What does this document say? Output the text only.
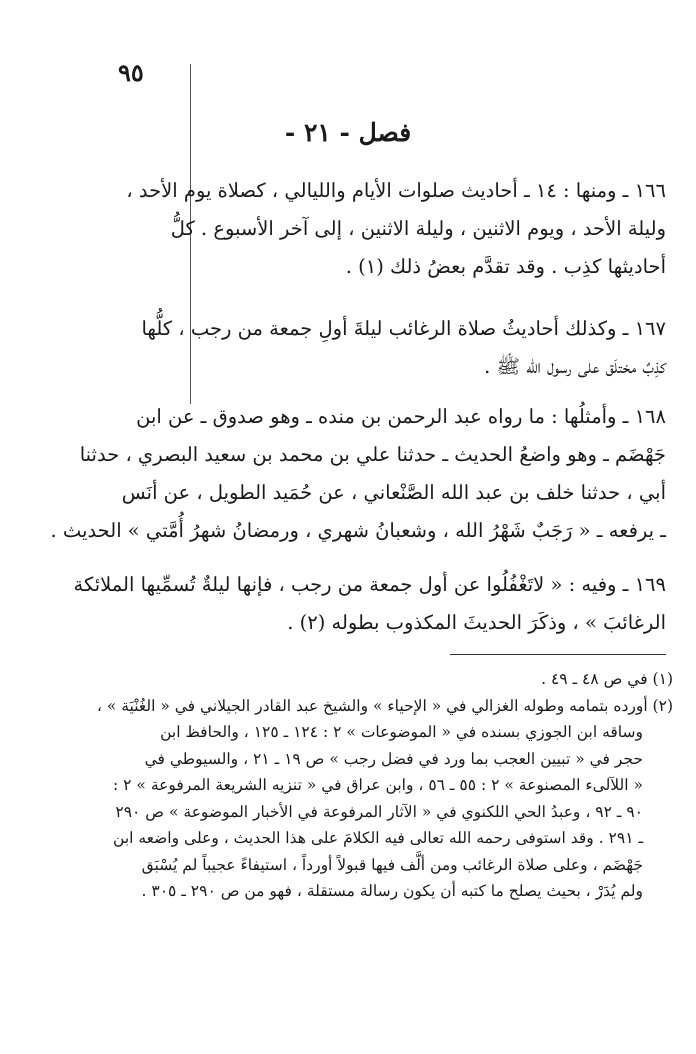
٩٥
فصل - ٢١ -
١٦٦ ـ ومنها : ١٤ ـ أحاديث صلوات الأيام والليالي ، كصلاة يوم الأحد ،
وليلة الأحد ، ويوم الاثنين ، وليلة الاثنين ، إلى آخر الأسبوع . كلُّ
أحاديثها كذِب . وقد تقدَّم بعضُ ذلك (١) .
١٦٧ ـ وكذلك أحاديثُ صلاة الرغائب ليلةَ أولِ جمعة من رجب ، كلُّها
كذِبٌ مختلَق على رسول الله ﷺ .
١٦٨ ـ وأمثلُها : ما رواه عبد الرحمن بن منده ـ وهو صدوق ـ عن ابن
جَهْضَم ـ وهو واضعُ الحديث ـ حدثنا علي بن محمد بن سعيد البصري ، حدثنا
أبي ، حدثنا خلف بن عبد الله الصَّنْعاني ، عن حُمَيد الطويل ، عن أنَس
ـ يرفعه ـ « رَجَبٌ شَهْرُ الله ، وشعبانُ شهري ، ورمضانُ شهرُ أُمَّتي » الحديث .
١٦٩ ـ وفيه : « لاتَغْفُلُوا عن أول جمعة من رجب ، فإنها ليلةٌ تُسمِّيها الملائكة
الرغائبَ » ، وذكَرَ الحديثَ المكذوب بطوله (٢) .
(١) في ص ٤٨ ـ ٤٩ .
(٢) أورده بتمامه وطوله الغزالي في « الإحياء » والشيخ عبد القادر الجيلاني في « الغُنْيَة » ،
وساقه ابن الجوزي بسنده في « الموضوعات » ٢ : ١٢٤ ـ ١٢٥ ، والحافظ ابن
حجر في « تبيين العجب بما ورد في فضل رجب » ص ١٩ ـ ٢١ ، والسيوطي في
« اللآلىء المصنوعة » ٢ : ٥٥ ـ ٥٦ ، وابن عراق في « تنزيه الشريعة المرفوعة » ٢ :
٩٠ ـ ٩٢ ، وعبدُ الحي اللكنوي في « الآثار المرفوعة في الأخبار الموضوعة » ص ٢٩٠
ـ ٢٩١ . وقد استوفى رحمه الله تعالى فيه الكلامَ على هذا الحديث ، وعلى واضعه ابن
جَهْضَم ، وعلى صلاة الرغائب ومن ألَّف فيها قبولاً أورداً ، استيفاءً عجيباً لم يُسْبَق
ولم يُدَرْ ، بحيث يصلح ما كتبه أن يكون رسالة مستقلة ، فهو من ص ٢٩٠ ـ ٣٠٥ .
